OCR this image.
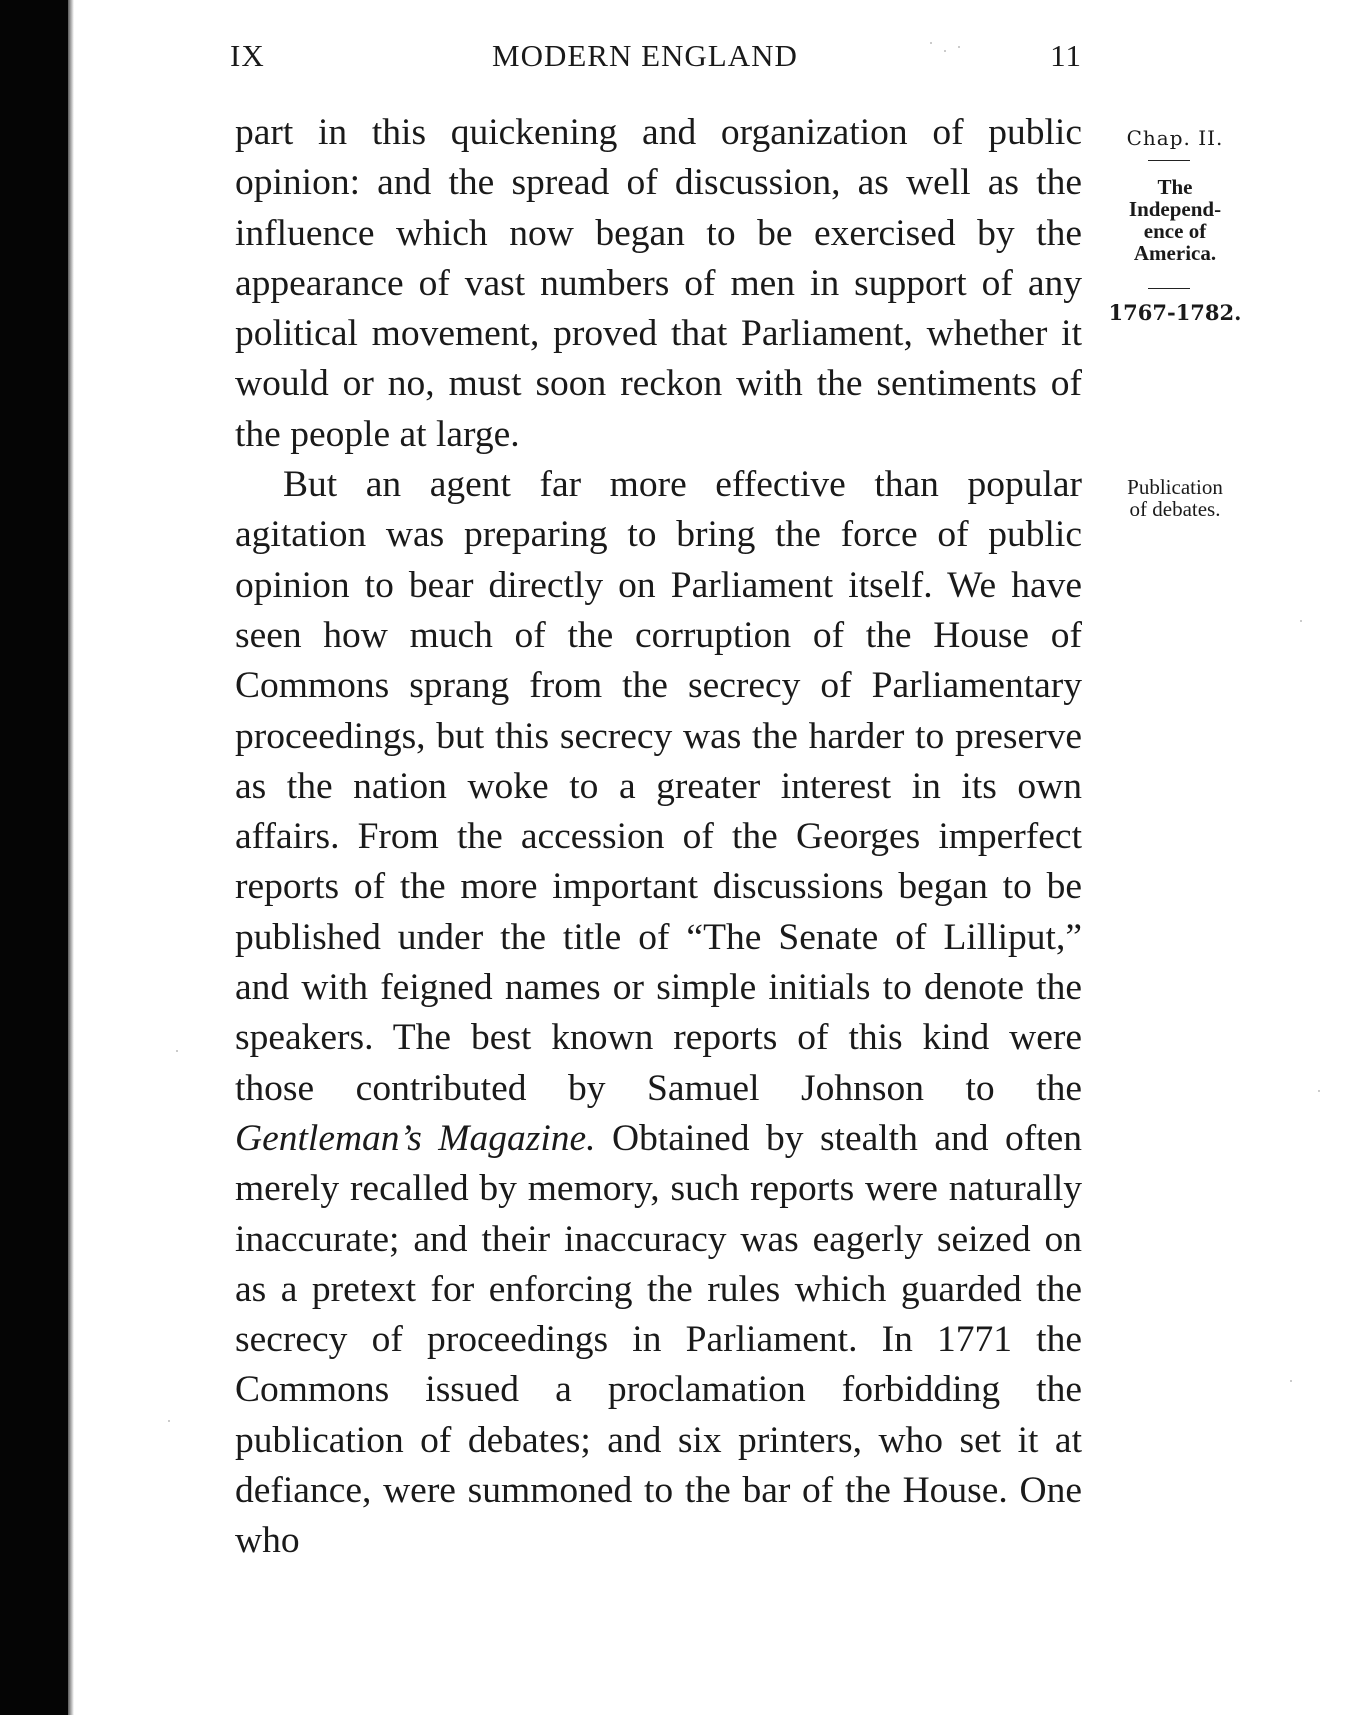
IX	MODERN ENGLAND	11
Chap. II.
The
Independ-
ence of
America.
1767-1782.
Publication
of debates.

part in this quickening and organization of public opinion: and the spread of discussion, as well as the influence which now began to be exercised by the appearance of vast numbers of men in support of any political movement, proved that Parliament, whether it would or no, must soon reckon with the sentiments of the people at large.

But an agent far more effective than popular agitation was preparing to bring the force of public opinion to bear directly on Parliament itself. We have seen how much of the corruption of the House of Commons sprang from the secrecy of Parliamentary proceedings, but this secrecy was the harder to preserve as the nation woke to a greater interest in its own affairs. From the accession of the Georges imperfect reports of the more important discussions began to be published under the title of “The Senate of Lilliput,” and with feigned names or simple initials to denote the speakers. The best known reports of this kind were those contributed by Samuel Johnson to the Gentleman’s Magazine. Obtained by stealth and often merely recalled by memory, such reports were naturally inaccurate; and their inaccuracy was eagerly seized on as a pretext for enforcing the rules which guarded the secrecy of proceedings in Parliament. In 1771 the Commons issued a proclamation forbidding the publication of debates; and six printers, who set it at defiance, were summoned to the bar of the House. One who
